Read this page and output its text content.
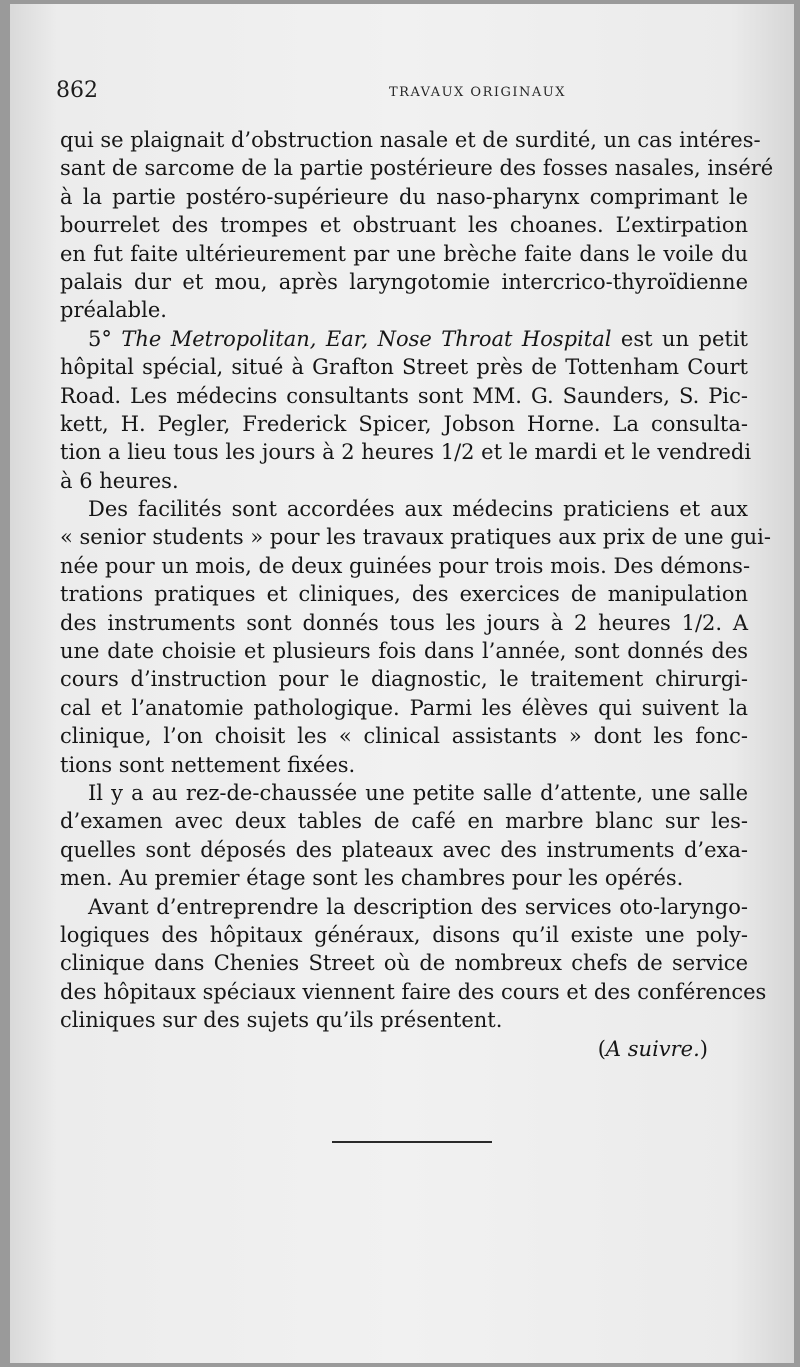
862	TRAVAUX ORIGINAUX
qui se plaignait d’obstruction nasale et de surdité, un cas intéres-
sant de sarcome de la partie postérieure des fosses nasales, inséré
à la partie postéro-supérieure du naso-pharynx comprimant le
bourrelet des trompes et obstruant les choanes. L’extirpation
en fut faite ultérieurement par une brèche faite dans le voile du
palais dur et mou, après laryngotomie intercrico-thyroïdienne
préalable.
5° The Metropolitan, Ear, Nose Throat Hospital est un petit
hôpital spécial, situé à Grafton Street près de Tottenham Court
Road. Les médecins consultants sont MM. G. Saunders, S. Pic-
kett, H. Pegler, Frederick Spicer, Jobson Horne. La consulta-
tion a lieu tous les jours à 2 heures 1/2 et le mardi et le vendredi
à 6 heures.
Des facilités sont accordées aux médecins praticiens et aux
« senior students » pour les travaux pratiques aux prix de une gui-
née pour un mois, de deux guinées pour trois mois. Des démons-
trations pratiques et cliniques, des exercices de manipulation
des instruments sont donnés tous les jours à 2 heures 1/2. A
une date choisie et plusieurs fois dans l’année, sont donnés des
cours d’instruction pour le diagnostic, le traitement chirurgi-
cal et l’anatomie pathologique. Parmi les élèves qui suivent la
clinique, l’on choisit les « clinical assistants » dont les fonc-
tions sont nettement fixées.
Il y a au rez-de-chaussée une petite salle d’attente, une salle
d’examen avec deux tables de café en marbre blanc sur les-
quelles sont déposés des plateaux avec des instruments d’exa-
men. Au premier étage sont les chambres pour les opérés.
Avant d’entreprendre la description des services oto-laryngo-
logiques des hôpitaux généraux, disons qu’il existe une poly-
clinique dans Chenies Street où de nombreux chefs de service
des hôpitaux spéciaux viennent faire des cours et des conférences
cliniques sur des sujets qu’ils présentent.
(A suivre.)
